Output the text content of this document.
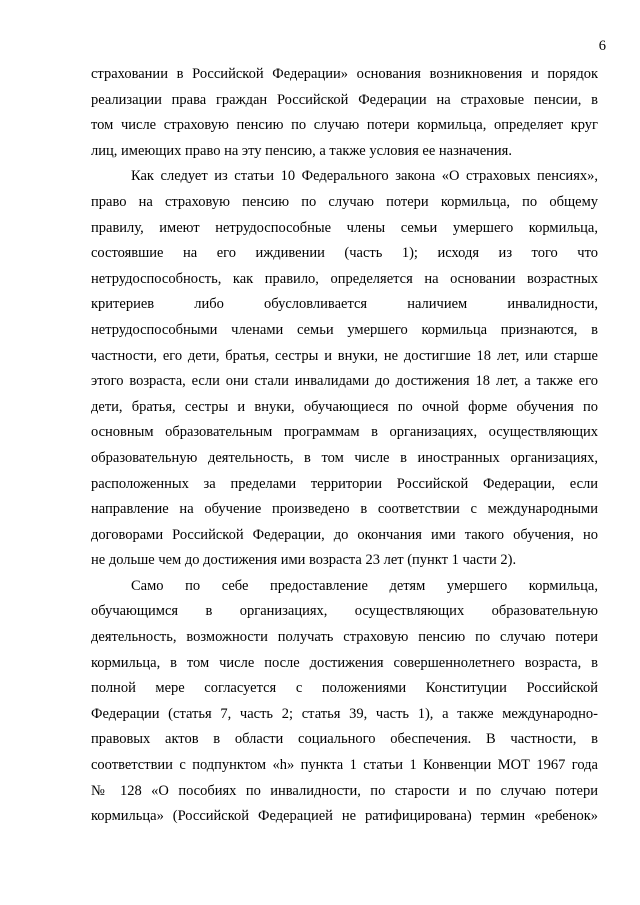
6
страховании в Российской Федерации» основания возникновения и порядок
реализации права граждан Российской Федерации на страховые пенсии, в
том числе страховую пенсию по случаю потери кормильца, определяет круг
лиц, имеющих право на эту пенсию, а также условия ее назначения.
Как следует из статьи 10 Федерального закона «О страховых пенсиях»,
право на страховую пенсию по случаю потери кормильца, по общему
правилу, имеют нетрудоспособные члены семьи умершего кормильца,
состоявшие на его иждивении (часть 1); исходя из того что
нетрудоспособность, как правило, определяется на основании возрастных
критериев либо обусловливается наличием инвалидности,
нетрудоспособными членами семьи умершего кормильца признаются, в
частности, его дети, братья, сестры и внуки, не достигшие 18 лет, или старше
этого возраста, если они стали инвалидами до достижения 18 лет, а также его
дети, братья, сестры и внуки, обучающиеся по очной форме обучения по
основным образовательным программам в организациях, осуществляющих
образовательную деятельность, в том числе в иностранных организациях,
расположенных за пределами территории Российской Федерации, если
направление на обучение произведено в соответствии с международными
договорами Российской Федерации, до окончания ими такого обучения, но
не дольше чем до достижения ими возраста 23 лет (пункт 1 части 2).
Само по себе предоставление детям умершего кормильца,
обучающимся в организациях, осуществляющих образовательную
деятельность, возможности получать страховую пенсию по случаю потери
кормильца, в том числе после достижения совершеннолетнего возраста, в
полной мере согласуется с положениями Конституции Российской
Федерации (статья 7, часть 2; статья 39, часть 1), а также международно-
правовых актов в области социального обеспечения. В частности, в
соответствии с подпунктом «h» пункта 1 статьи 1 Конвенции МОТ 1967 года
№ 128 «О пособиях по инвалидности, по старости и по случаю потери
кормильца» (Российской Федерацией не ратифицирована) термин «ребенок»
